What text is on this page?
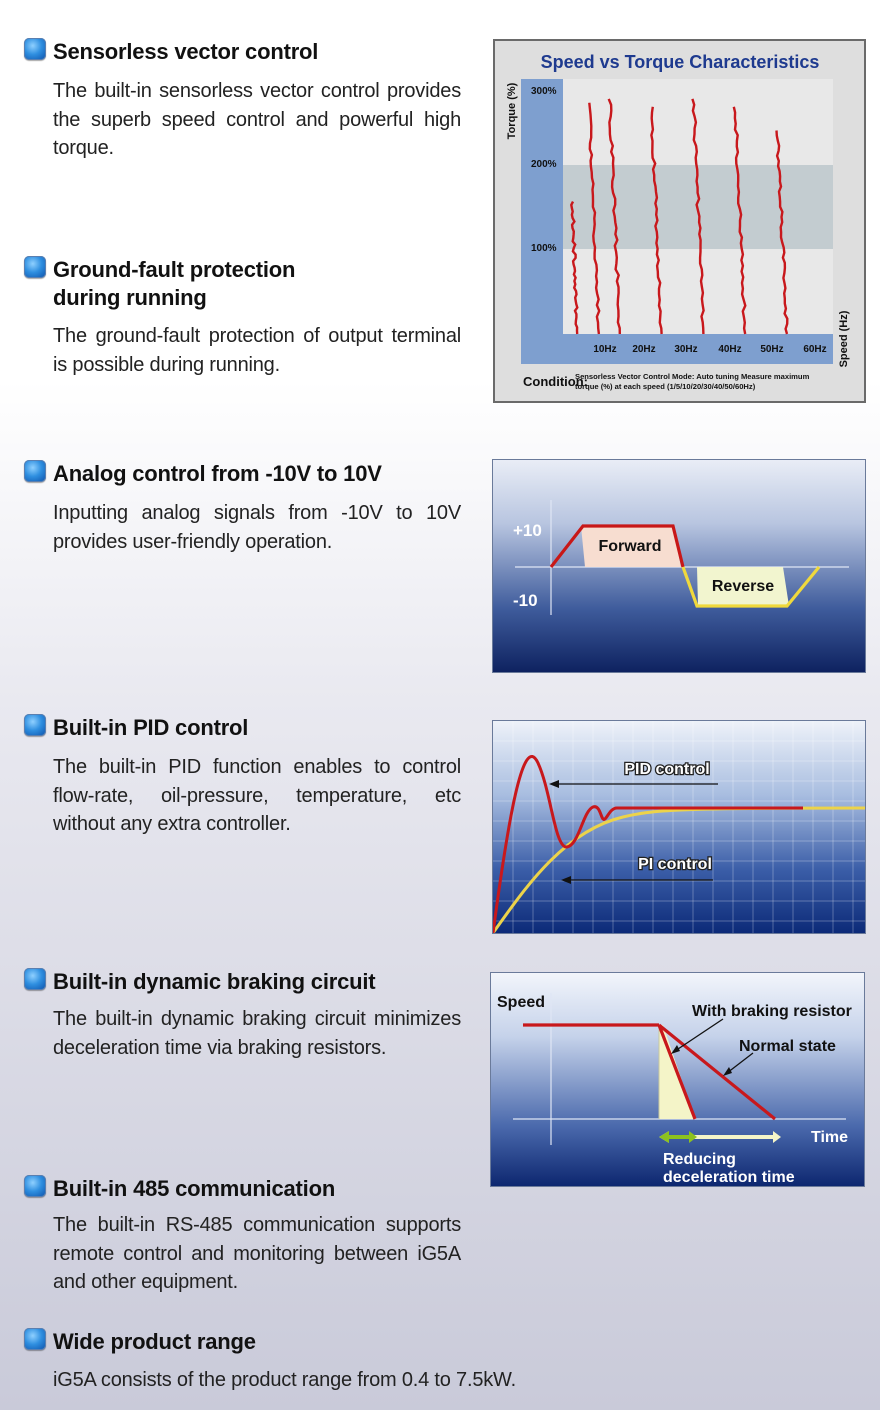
Sensorless vector control
The built-in sensorless vector control provides the superb speed control and powerful high torque.
Ground-fault protection
during running
The ground-fault protection of output terminal is possible during running.
Analog control from -10V to 10V
Inputting analog signals from -10V to 10V provides user-friendly operation.
Built-in PID control
The built-in PID function enables to control flow-rate, oil-pressure, temperature, etc without any extra controller.
Built-in dynamic braking circuit
The built-in dynamic braking circuit minimizes deceleration time via braking resistors.
Built-in 485 communication
The built-in RS-485 communication supports remote control and monitoring between iG5A and other equipment.
Wide product range
iG5A consists of the product range from 0.4 to 7.5kW.
Speed vs Torque Characteristics
Torque (%)
Speed (Hz)
300%
200%
100%
10Hz 20Hz 30Hz 40Hz 50Hz 60Hz
Condition:
Sensorless Vector Control Mode: Auto tuning Measure maximum
torque (%) at each speed (1/5/10/20/30/40/50/60Hz)
+10
-10
Forward
Reverse
PID control
PI control
Speed
Time
With braking resistor
Normal state
Reducing
deceleration time
